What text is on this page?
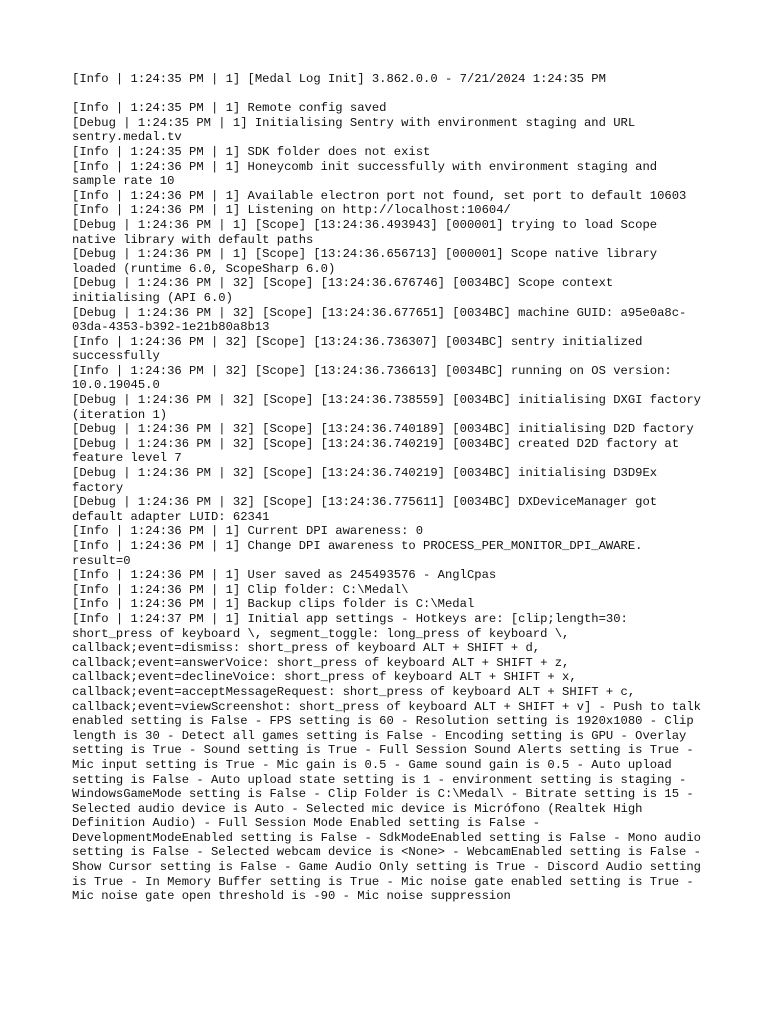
[Info | 1:24:35 PM | 1] [Medal Log Init] 3.862.0.0 - 7/21/2024 1:24:35 PM
[Info | 1:24:35 PM | 1] Remote config saved
[Debug | 1:24:35 PM | 1] Initialising Sentry with environment staging and URL sentry.medal.tv
[Info | 1:24:35 PM | 1] SDK folder does not exist
[Info | 1:24:36 PM | 1] Honeycomb init successfully with environment staging and sample rate 10
[Info | 1:24:36 PM | 1] Available electron port not found, set port to default 10603
[Info | 1:24:36 PM | 1] Listening on http://localhost:10604/
[Debug | 1:24:36 PM | 1] [Scope] [13:24:36.493943] [000001] trying to load Scope native library with default paths
[Debug | 1:24:36 PM | 1] [Scope] [13:24:36.656713] [000001] Scope native library loaded (runtime 6.0, ScopeSharp 6.0)
[Debug | 1:24:36 PM | 32] [Scope] [13:24:36.676746] [0034BC] Scope context initialising (API 6.0)
[Debug | 1:24:36 PM | 32] [Scope] [13:24:36.677651] [0034BC] machine GUID: a95e0a8c-03da-4353-b392-1e21b80a8b13
[Info | 1:24:36 PM | 32] [Scope] [13:24:36.736307] [0034BC] sentry initialized successfully
[Info | 1:24:36 PM | 32] [Scope] [13:24:36.736613] [0034BC] running on OS version: 10.0.19045.0
[Debug | 1:24:36 PM | 32] [Scope] [13:24:36.738559] [0034BC] initialising DXGI factory (iteration 1)
[Debug | 1:24:36 PM | 32] [Scope] [13:24:36.740189] [0034BC] initialising D2D factory
[Debug | 1:24:36 PM | 32] [Scope] [13:24:36.740219] [0034BC] created D2D factory at feature level 7
[Debug | 1:24:36 PM | 32] [Scope] [13:24:36.740219] [0034BC] initialising D3D9Ex factory
[Debug | 1:24:36 PM | 32] [Scope] [13:24:36.775611] [0034BC] DXDeviceManager got default adapter LUID: 62341
[Info | 1:24:36 PM | 1] Current DPI awareness: 0
[Info | 1:24:36 PM | 1] Change DPI awareness to PROCESS_PER_MONITOR_DPI_AWARE. result=0
[Info | 1:24:36 PM | 1] User saved as 245493576 - AnglCpas
[Info | 1:24:36 PM | 1] Clip folder: C:\Medal\
[Info | 1:24:36 PM | 1] Backup clips folder is C:\Medal
[Info | 1:24:37 PM | 1] Initial app settings - Hotkeys are: [clip;length=30: short_press of keyboard \, segment_toggle: long_press of keyboard \, callback;event=dismiss: short_press of keyboard ALT + SHIFT + d, callback;event=answerVoice: short_press of keyboard ALT + SHIFT + z, callback;event=declineVoice: short_press of keyboard ALT + SHIFT + x, callback;event=acceptMessageRequest: short_press of keyboard ALT + SHIFT + c, callback;event=viewScreenshot: short_press of keyboard ALT + SHIFT + v] - Push to talk enabled setting is False - FPS setting is 60 - Resolution setting is 1920x1080 - Clip length is 30 - Detect all games setting is False - Encoding setting is GPU - Overlay setting is True - Sound setting is True - Full Session Sound Alerts setting is True - Mic input setting is True - Mic gain is 0.5 - Game sound gain is 0.5 - Auto upload setting is False - Auto upload state setting is 1 - environment setting is staging - WindowsGameMode setting is False - Clip Folder is C:\Medal\ - Bitrate setting is 15 - Selected audio device is Auto - Selected mic device is Micrófono (Realtek High Definition Audio) - Full Session Mode Enabled setting is False - DevelopmentModeEnabled setting is False - SdkModeEnabled setting is False - Mono audio setting is False - Selected webcam device is <None> - WebcamEnabled setting is False - Show Cursor setting is False - Game Audio Only setting is True - Discord Audio setting is True - In Memory Buffer setting is True - Mic noise gate enabled setting is True - Mic noise gate open threshold is -90 - Mic noise suppression
